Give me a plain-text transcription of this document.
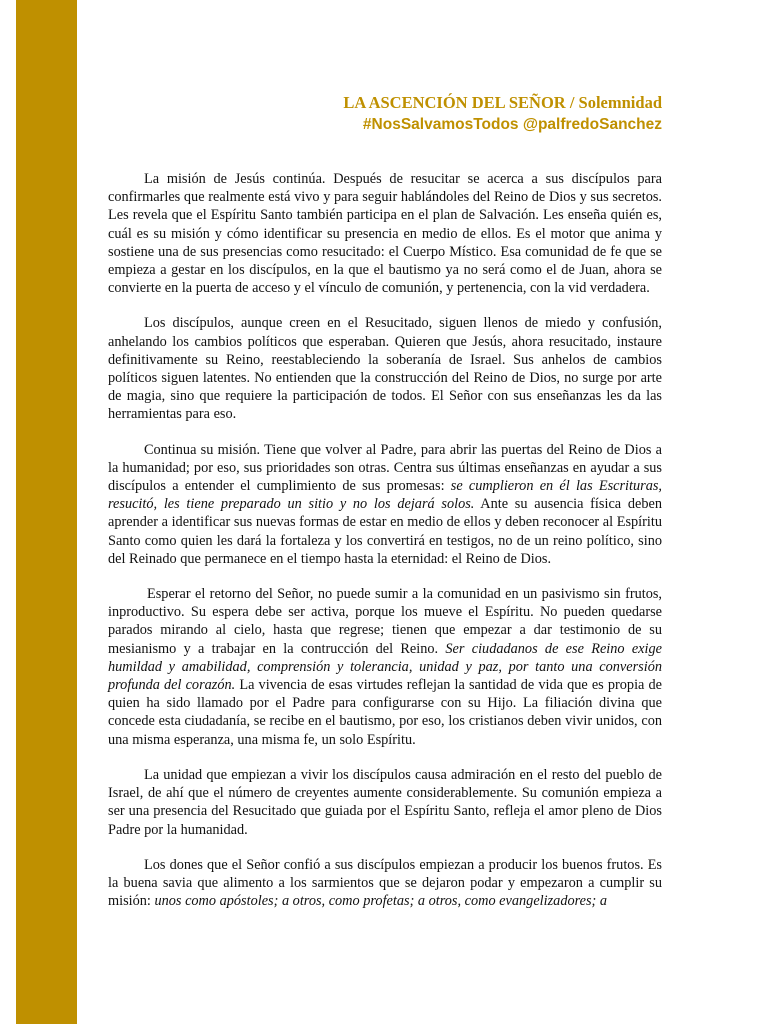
LA ASCENCIÓN DEL SEÑOR / Solemnidad
#NosSalvamosTodos @palfredoSanchez

La misión de Jesús continúa. Después de resucitar se acerca a sus discípulos para confirmarles que realmente está vivo y para seguir hablándoles del Reino de Dios y sus secretos. Les revela que el Espíritu Santo también participa en el plan de Salvación. Les enseña quién es, cuál es su misión y cómo identificar su presencia en medio de ellos. Es el motor que anima y sostiene una de sus presencias como resucitado: el Cuerpo Místico. Esa comunidad de fe que se empieza a gestar en los discípulos, en la que el bautismo ya no será como el de Juan, ahora se convierte en la puerta de acceso y el vínculo de comunión, y pertenencia, con la vid verdadera.

Los discípulos, aunque creen en el Resucitado, siguen llenos de miedo y confusión, anhelando los cambios políticos que esperaban. Quieren que Jesús, ahora resucitado, instaure definitivamente su Reino, reestableciendo la soberanía de Israel. Sus anhelos de cambios políticos siguen latentes. No entienden que la construcción del Reino de Dios, no surge por arte de magia, sino que requiere la participación de todos. El Señor con sus enseñanzas les da las herramientas para eso.

Continua su misión. Tiene que volver al Padre, para abrir las puertas del Reino de Dios a la humanidad; por eso, sus prioridades son otras. Centra sus últimas enseñanzas en ayudar a sus discípulos a entender el cumplimiento de sus promesas: se cumplieron en él las Escrituras, resucitó, les tiene preparado un sitio y no los dejará solos. Ante su ausencia física deben aprender a identificar sus nuevas formas de estar en medio de ellos y deben reconocer al Espíritu Santo como quien les dará la fortaleza y los convertirá en testigos, no de un reino político, sino del Reinado que permanece en el tiempo hasta la eternidad: el Reino de Dios.

Esperar el retorno del Señor, no puede sumir a la comunidad en un pasivismo sin frutos, inproductivo. Su espera debe ser activa, porque los mueve el Espíritu. No pueden quedarse parados mirando al cielo, hasta que regrese; tienen que empezar a dar testimonio de su mesianismo y a trabajar en la contrucción del Reino. Ser ciudadanos de ese Reino exige humildad y amabilidad, comprensión y tolerancia, unidad y paz, por tanto una conversión profunda del corazón. La vivencia de esas virtudes reflejan la santidad de vida que es propia de quien ha sido llamado por el Padre para configurarse con su Hijo. La filiación divina que concede esta ciudadanía, se recibe en el bautismo, por eso, los cristianos deben vivir unidos, con una misma esperanza, una misma fe, un solo Espíritu.

La unidad que empiezan a vivir los discípulos causa admiración en el resto del pueblo de Israel, de ahí que el número de creyentes aumente considerablemente. Su comunión empieza a ser una presencia del Resucitado que guiada por el Espíritu Santo, refleja el amor pleno de Dios Padre por la humanidad.

Los dones que el Señor confió a sus discípulos empiezan a producir los buenos frutos. Es la buena savia que alimento a los sarmientos que se dejaron podar y empezaron a cumplir su misión: unos como apóstoles; a otros, como profetas; a otros, como evangelizadores; a
